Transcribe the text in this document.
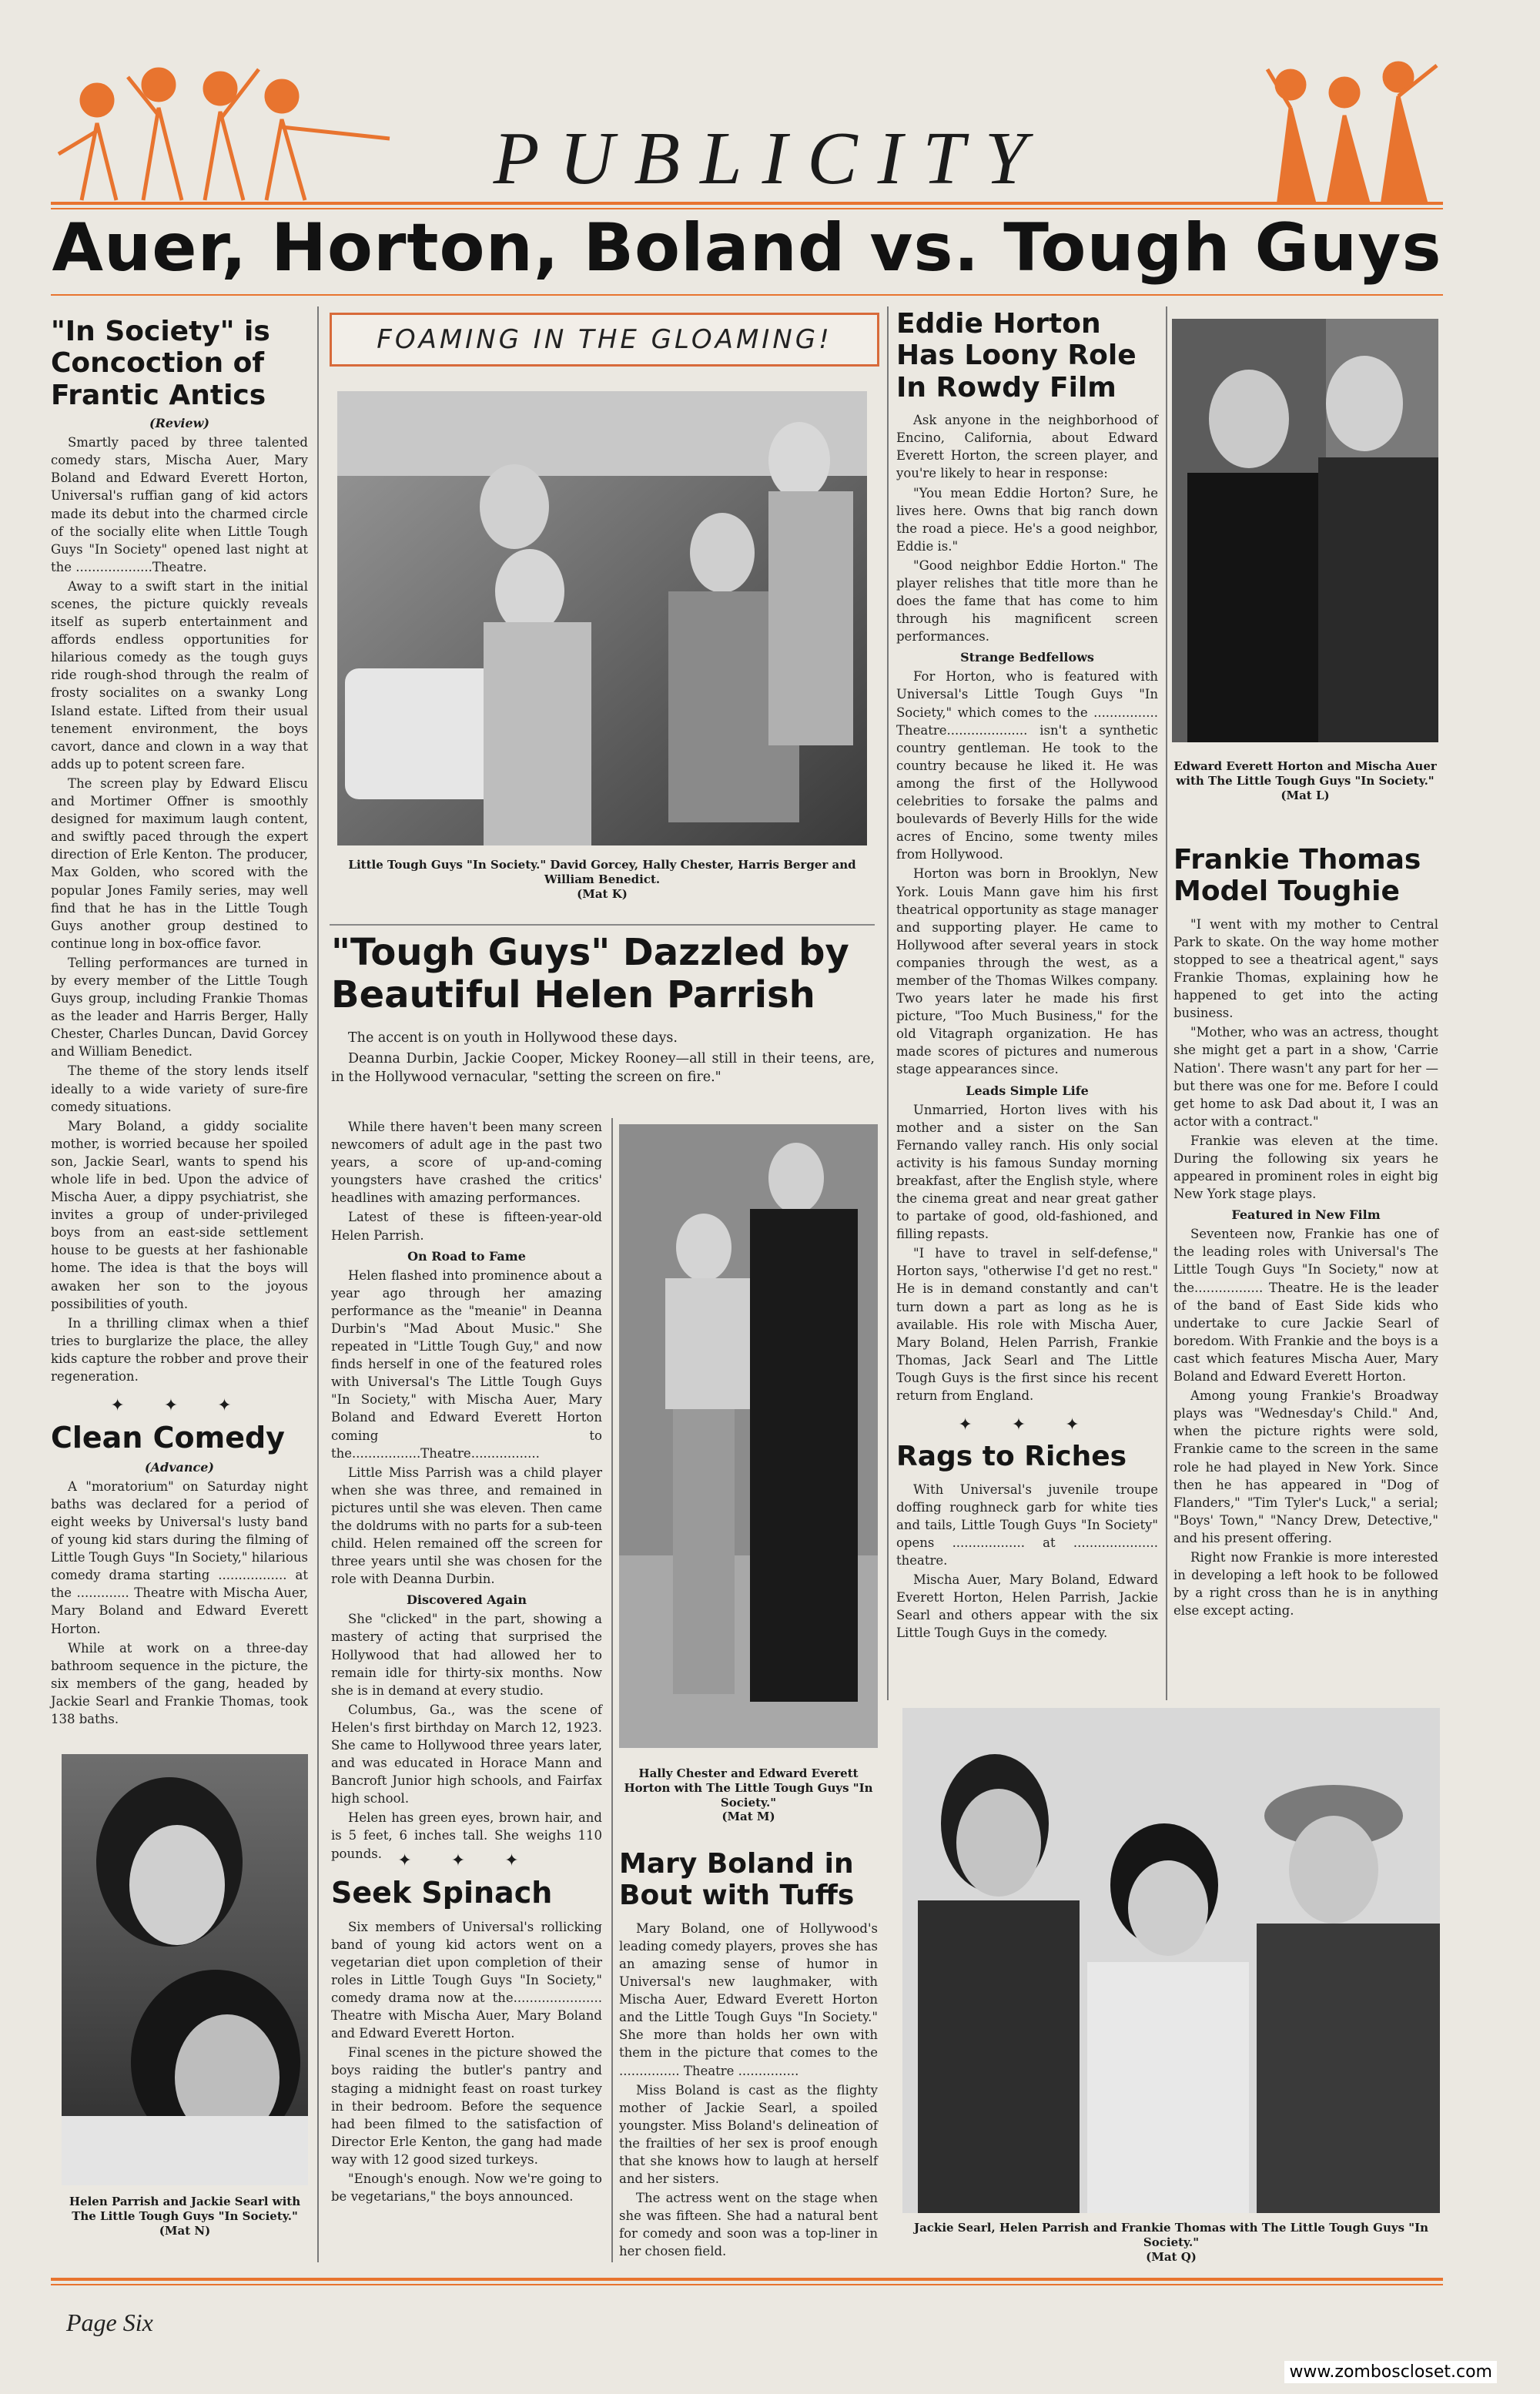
PUBLICITY
Auer, Horton, Boland vs. Tough Guys
"In Society" is Concoction of Frantic Antics
(Review)

Smartly paced by three talented comedy stars, Mischa Auer, Mary Boland and Edward Everett Horton, Universal's ruffian gang of kid actors made its debut into the charmed circle of the socially elite when Little Tough Guys "In Society" opened last night at the ...................Theatre.

Away to a swift start in the initial scenes, the picture quickly reveals itself as superb entertainment and affords endless opportunities for hilarious comedy as the tough guys ride rough-shod through the realm of frosty socialites on a swanky Long Island estate. Lifted from their usual tenement environment, the boys cavort, dance and clown in a way that adds up to potent screen fare.

The screen play by Edward Eliscu and Mortimer Offner is smoothly designed for maximum laugh content, and swiftly paced through the expert direction of Erle Kenton. The producer, Max Golden, who scored with the popular Jones Family series, may well find that he has in the Little Tough Guys another group destined to continue long in box-office favor.

Telling performances are turned in by every member of the Little Tough Guys group, including Frankie Thomas as the leader and Harris Berger, Hally Chester, Charles Duncan, David Gorcey and William Benedict.

The theme of the story lends itself ideally to a wide variety of sure-fire comedy situations.

Mary Boland, a giddy socialite mother, is worried because her spoiled son, Jackie Searl, wants to spend his whole life in bed. Upon the advice of Mischa Auer, a dippy psychiatrist, she invites a group of under-privileged boys from an east-side settlement house to be guests at her fashionable home. The idea is that the boys will awaken her son to the joyous possibilities of youth.

In a thrilling climax when a thief tries to burglarize the place, the alley kids capture the robber and prove their regeneration.

✦ ✦ ✦
Clean Comedy
(Advance)

A "moratorium" on Saturday night baths was declared for a period of eight weeks by Universal's lusty band of young kid stars during the filming of Little Tough Guys "In Society," hilarious comedy drama starting ................. at the ............. Theatre with Mischa Auer, Mary Boland and Edward Everett Horton.

While at work on a three-day bathroom sequence in the picture, the six members of the gang, headed by Jackie Searl and Frankie Thomas, took 138 baths.

Helen Parrish and Jackie Searl with The Little Tough Guys "In Society."
(Mat N)
FOAMING IN THE GLOAMING!
Little Tough Guys "In Society." David Gorcey, Hally Chester, Harris Berger and William Benedict.
(Mat K)
"Tough Guys" Dazzled by Beautiful Helen Parrish

The accent is on youth in Hollywood these days.

Deanna Durbin, Jackie Cooper, Mickey Rooney—all still in their teens, are, in the Hollywood vernacular, "setting the screen on fire."

While there haven't been many screen newcomers of adult age in the past two years, a score of up-and-coming youngsters have crashed the critics' headlines with amazing performances.

Latest of these is fifteen-year-old Helen Parrish.

On Road to Fame

Helen flashed into prominence about a year ago through her amazing performance as the "meanie" in Deanna Durbin's "Mad About Music." She repeated in "Little Tough Guy," and now finds herself in one of the featured roles with Universal's The Little Tough Guys "In Society," with Mischa Auer, Mary Boland and Edward Everett Horton coming to the.................Theatre.................

Little Miss Parrish was a child player when she was three, and remained in pictures until she was eleven. Then came the doldrums with no parts for a sub-teen child. Helen remained off the screen for three years until she was chosen for the role with Deanna Durbin.

Discovered Again

She "clicked" in the part, showing a mastery of acting that surprised the Hollywood that had allowed her to remain idle for thirty-six months. Now she is in demand at every studio.

Columbus, Ga., was the scene of Helen's first birthday on March 12, 1923. She came to Hollywood three years later, and was educated in Horace Mann and Bancroft Junior high schools, and Fairfax high school.

Helen has green eyes, brown hair, and is 5 feet, 6 inches tall. She weighs 110 pounds. ✦ ✦ ✦
Seek Spinach

Six members of Universal's rollicking band of young kid actors went on a vegetarian diet upon completion of their roles in Little Tough Guys "In Society," comedy drama now at the...................... Theatre with Mischa Auer, Mary Boland and Edward Everett Horton.

Final scenes in the picture showed the boys raiding the butler's pantry and staging a midnight feast on roast turkey in their bedroom. Before the sequence had been filmed to the satisfaction of Director Erle Kenton, the gang had made way with 12 good sized turkeys.

"Enough's enough. Now we're going to be vegetarians," the boys announced.

Hally Chester and Edward Everett Horton with The Little Tough Guys "In Society."
(Mat M)
Mary Boland in Bout with Tuffs

Mary Boland, one of Hollywood's leading comedy players, proves she has an amazing sense of humor in Universal's new laughmaker, with Mischa Auer, Edward Everett Horton and the Little Tough Guys "In Society." She more than holds her own with them in the picture that comes to the ............... Theatre ...............

Miss Boland is cast as the flighty mother of Jackie Searl, a spoiled youngster. Miss Boland's delineation of the frailties of her sex is proof enough that she knows how to laugh at herself and her sisters.

The actress went on the stage when she was fifteen. She had a natural bent for comedy and soon was a top-liner in her chosen field.

Eddie Horton Has Loony Role In Rowdy Film

Ask anyone in the neighborhood of Encino, California, about Edward Everett Horton, the screen player, and you're likely to hear in response:

"You mean Eddie Horton? Sure, he lives here. Owns that big ranch down the road a piece. He's a good neighbor, Eddie is."

"Good neighbor Eddie Horton." The player relishes that title more than he does the fame that has come to him through his magnificent screen performances.

Strange Bedfellows

For Horton, who is featured with Universal's Little Tough Guys "In Society," which comes to the ................ Theatre.................... isn't a synthetic country gentleman. He took to the country because he liked it. He was among the first of the Hollywood celebrities to forsake the palms and boulevards of Beverly Hills for the wide acres of Encino, some twenty miles from Hollywood.

Horton was born in Brooklyn, New York. Louis Mann gave him his first theatrical opportunity as stage manager and supporting player. He came to Hollywood after several years in stock companies through the west, as a member of the Thomas Wilkes company. Two years later he made his first picture, "Too Much Business," for the old Vitagraph organization. He has made scores of pictures and numerous stage appearances since.

Leads Simple Life

Unmarried, Horton lives with his mother and a sister on the San Fernando valley ranch. His only social activity is his famous Sunday morning breakfast, after the English style, where the cinema great and near great gather to partake of good, old-fashioned, and filling repasts.

"I have to travel in self-defense," Horton says, "otherwise I'd get no rest." He is in demand constantly and can't turn down a part as long as he is available. His role with Mischa Auer, Mary Boland, Helen Parrish, Frankie Thomas, Jack Searl and The Little Tough Guys is the first since his recent return from England.

✦ ✦ ✦
Rags to Riches

With Universal's juvenile troupe doffing roughneck garb for white ties and tails, Little Tough Guys "In Society" opens .................. at ..................... theatre.

Mischa Auer, Mary Boland, Edward Everett Horton, Helen Parrish, Jackie Searl and others appear with the six Little Tough Guys in the comedy.

Edward Everett Horton and Mischa Auer with The Little Tough Guys "In Society."
(Mat L)
Frankie Thomas Model Toughie

"I went with my mother to Central Park to skate. On the way home mother stopped to see a theatrical agent," says Frankie Thomas, explaining how he happened to get into the acting business.

"Mother, who was an actress, thought she might get a part in a show, 'Carrie Nation'. There wasn't any part for her — but there was one for me. Before I could get home to ask Dad about it, I was an actor with a contract."

Frankie was eleven at the time. During the following six years he appeared in prominent roles in eight big New York stage plays.

Featured in New Film

Seventeen now, Frankie has one of the leading roles with Universal's The Little Tough Guys "In Society," now at the................. Theatre. He is the leader of the band of East Side kids who undertake to cure Jackie Searl of boredom. With Frankie and the boys is a cast which features Mischa Auer, Mary Boland and Edward Everett Horton.

Among young Frankie's Broadway plays was "Wednesday's Child." And, when the picture rights were sold, Frankie came to the screen in the same role he had played in New York. Since then he has appeared in "Dog of Flanders," "Tim Tyler's Luck," a serial; "Boys' Town," "Nancy Drew, Detective," and his present offering.

Right now Frankie is more interested in developing a left hook to be followed by a right cross than he is in anything else except acting.

Jackie Searl, Helen Parrish and Frankie Thomas with The Little Tough Guys "In Society."
(Mat Q)
Page Six
www.zomboscloset.com
